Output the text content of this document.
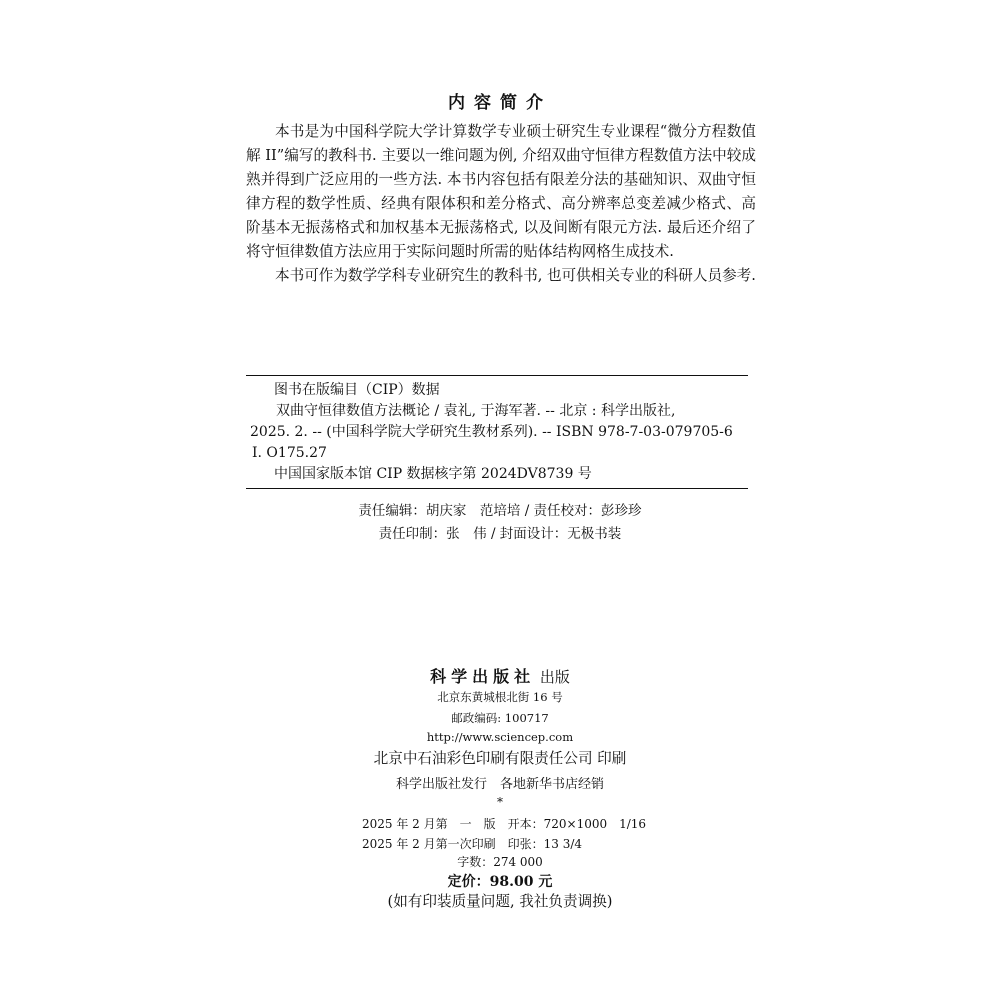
内容简介

本书是为中国科学院大学计算数学专业硕士研究生专业课程“微分方程数值解 II”编写的教科书. 主要以一维问题为例, 介绍双曲守恒律方程数值方法中较成熟并得到广泛应用的一些方法. 本书内容包括有限差分法的基础知识、双曲守恒律方程的数学性质、经典有限体积和差分格式、高分辨率总变差减少格式、高阶基本无振荡格式和加权基本无振荡格式, 以及间断有限元方法. 最后还介绍了将守恒律数值方法应用于实际问题时所需的贴体结构网格生成技术.

本书可作为数学学科专业研究生的教科书, 也可供相关专业的科研人员参考.

图书在版编目（CIP）数据
双曲守恒律数值方法概论 / 袁礼, 于海军著. -- 北京 : 科学出版社,
2025. 2. -- (中国科学院大学研究生教材系列). -- ISBN 978-7-03-079705-6
I. O175.27
中国国家版本馆 CIP 数据核字第 2024DV8739 号
责任编辑：胡庆家　范培培 / 责任校对：彭珍珍
责任印制：张　伟 / 封面设计：无极书装
科学出版社 出版
北京东黄城根北街 16 号
邮政编码: 100717
http://www.sciencep.com
北京中石油彩色印刷有限责任公司 印刷
科学出版社发行　各地新华书店经销
*
2025 年 2 月第　一　版　开本：720×1000　1/16
2025 年 2 月第一次印刷　印张：13 3/4
字数：274 000
定价：98.00 元
(如有印装质量问题, 我社负责调换)
